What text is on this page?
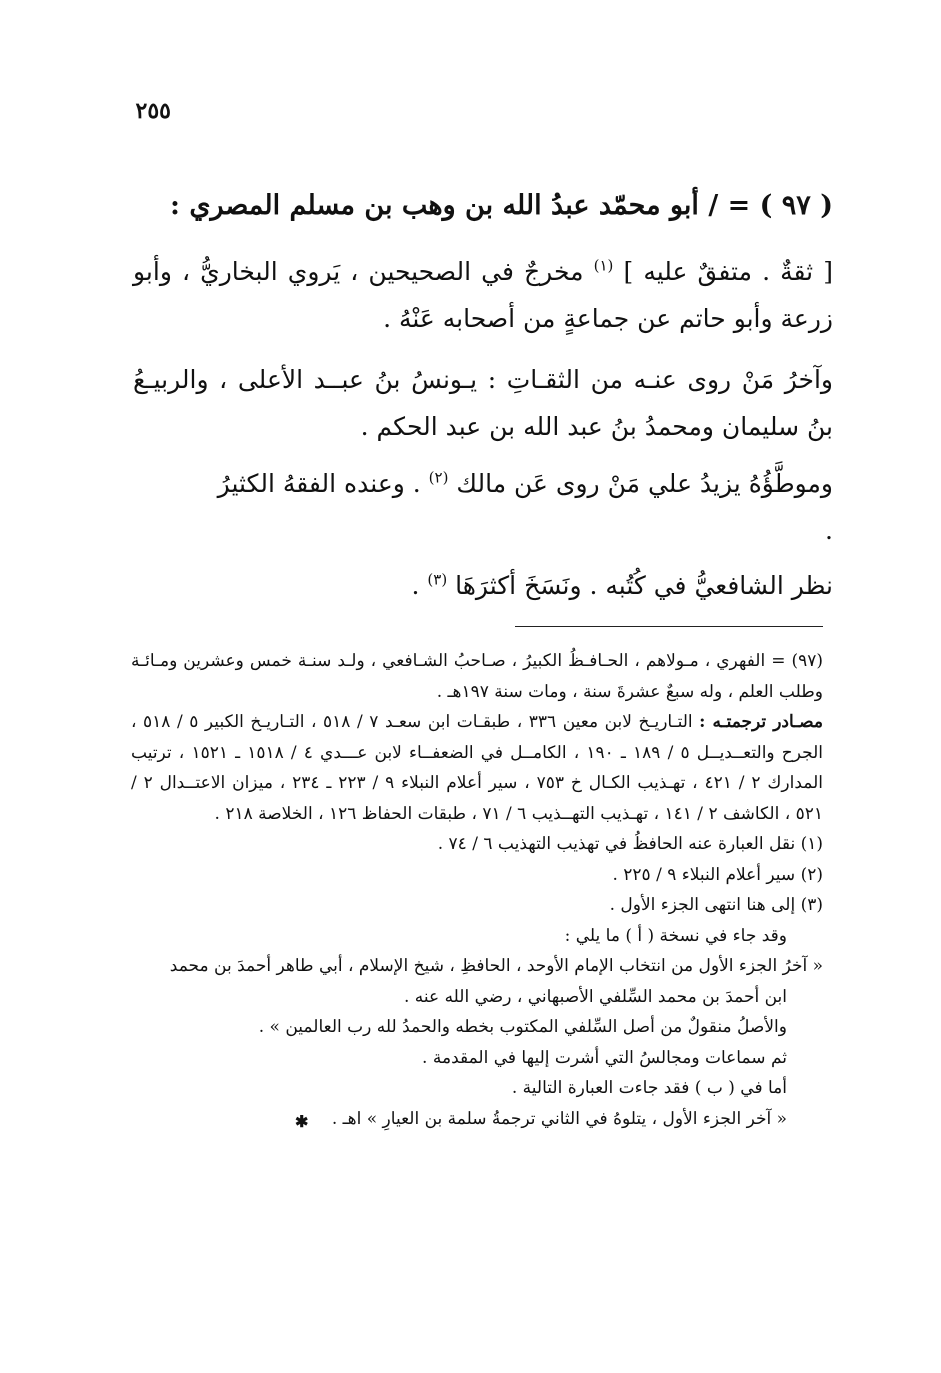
٢٥٥
( ٩٧ ) = / أبو محمّد عبدُ الله بن وهب بن مسلم المصري :

[ ثقةٌ . متفقٌ عليه ] $^{(١)}$ مخرجٌ في الصحيحين ، يَروي البخاريُّ ، وأبو زرعة وأبو حاتم عن جماعةٍ من أصحابه عَنْهُ .

وآخرُ مَنْ روى عنـه من الثقـاتِ : يـونسُ بنُ عبــد الأعلى ، والربيـعُ بنُ سليمان ومحمدُ بنُ عبد الله بن عبد الحكم .

وموطَّؤُهُ يزيدُ علي مَنْ روى عَن مالك $^{(٢)}$ . وعنده الفقهُ الكثيرُ .

نظر الشافعيُّ في كُتُبه . ونَسَخَ أكثرَهَا $^{(٣)}$ .

(٩٧) = الفهري ، مـولاهم ، الحـافـظُ الكبيرُ ، صـاحبُ الشـافعي ، ولـد سنـة خمس وعشرين ومـائـة وطلب العلم ، وله سبعٌ عشرةَ سنة ، ومات سنة ١٩٧هـ .
مصـادر ترجمتـه : التـاريـخ لابن معين ٣٣٦ ، طبقـات ابن سعـد ٧ / ٥١٨ ، التـاريـخ الكبير ٥ / ٥١٨ ، الجرح والتعــديــل ٥ / ١٨٩ ـ ١٩٠ ، الكامــل في الضعفــاء لابن عـــدي ٤ / ١٥١٨ ـ ١٥٢١ ، ترتيب المدارك ٢ / ٤٢١ ، تهـذيب الكـال خ ٧٥٣ ، سير أعلام النبلاء ٩ / ٢٢٣ ـ ٢٣٤ ، ميزان الاعتــدال ٢ / ٥٢١ ، الكاشف ٢ / ١٤١ ، تهـذيب التهــذيب ٦ / ٧١ ، طبقات الحفاظ ١٢٦ ، الخلاصة ٢١٨ .
(١) نقل العبارة عنه الحافظُ في تهذيب التهذيب ٦ / ٧٤ .
(٢) سير أعلام النبلاء ٩ / ٢٢٥ .
(٣) إلى هنا انتهى الجزء الأول .
وقد جاء في نسخة ( أ ) ما يلي :
« آخرُ الجزء الأول من انتخاب الإمام الأوحد ، الحافظِ ، شيخ الإسلام ، أبي طاهر أحمدَ بن محمد
ابن أحمدَ بن محمد السِّلفي الأصبهاني ، رضي الله عنه .
والأصلُ منقولٌ من أصل السِّلفي المكتوب بخطه والحمدُ لله رب العالمين » .
ثم سماعات ومجالسُ التي أشرت إليها في المقدمة .
أما في ( ب ) فقد جاءت العبارة التالية .
« آخر الجزء الأول ، يتلوهُ في الثاني ترجمةُ سلمة بن العيارِ » اهـ .
✱
